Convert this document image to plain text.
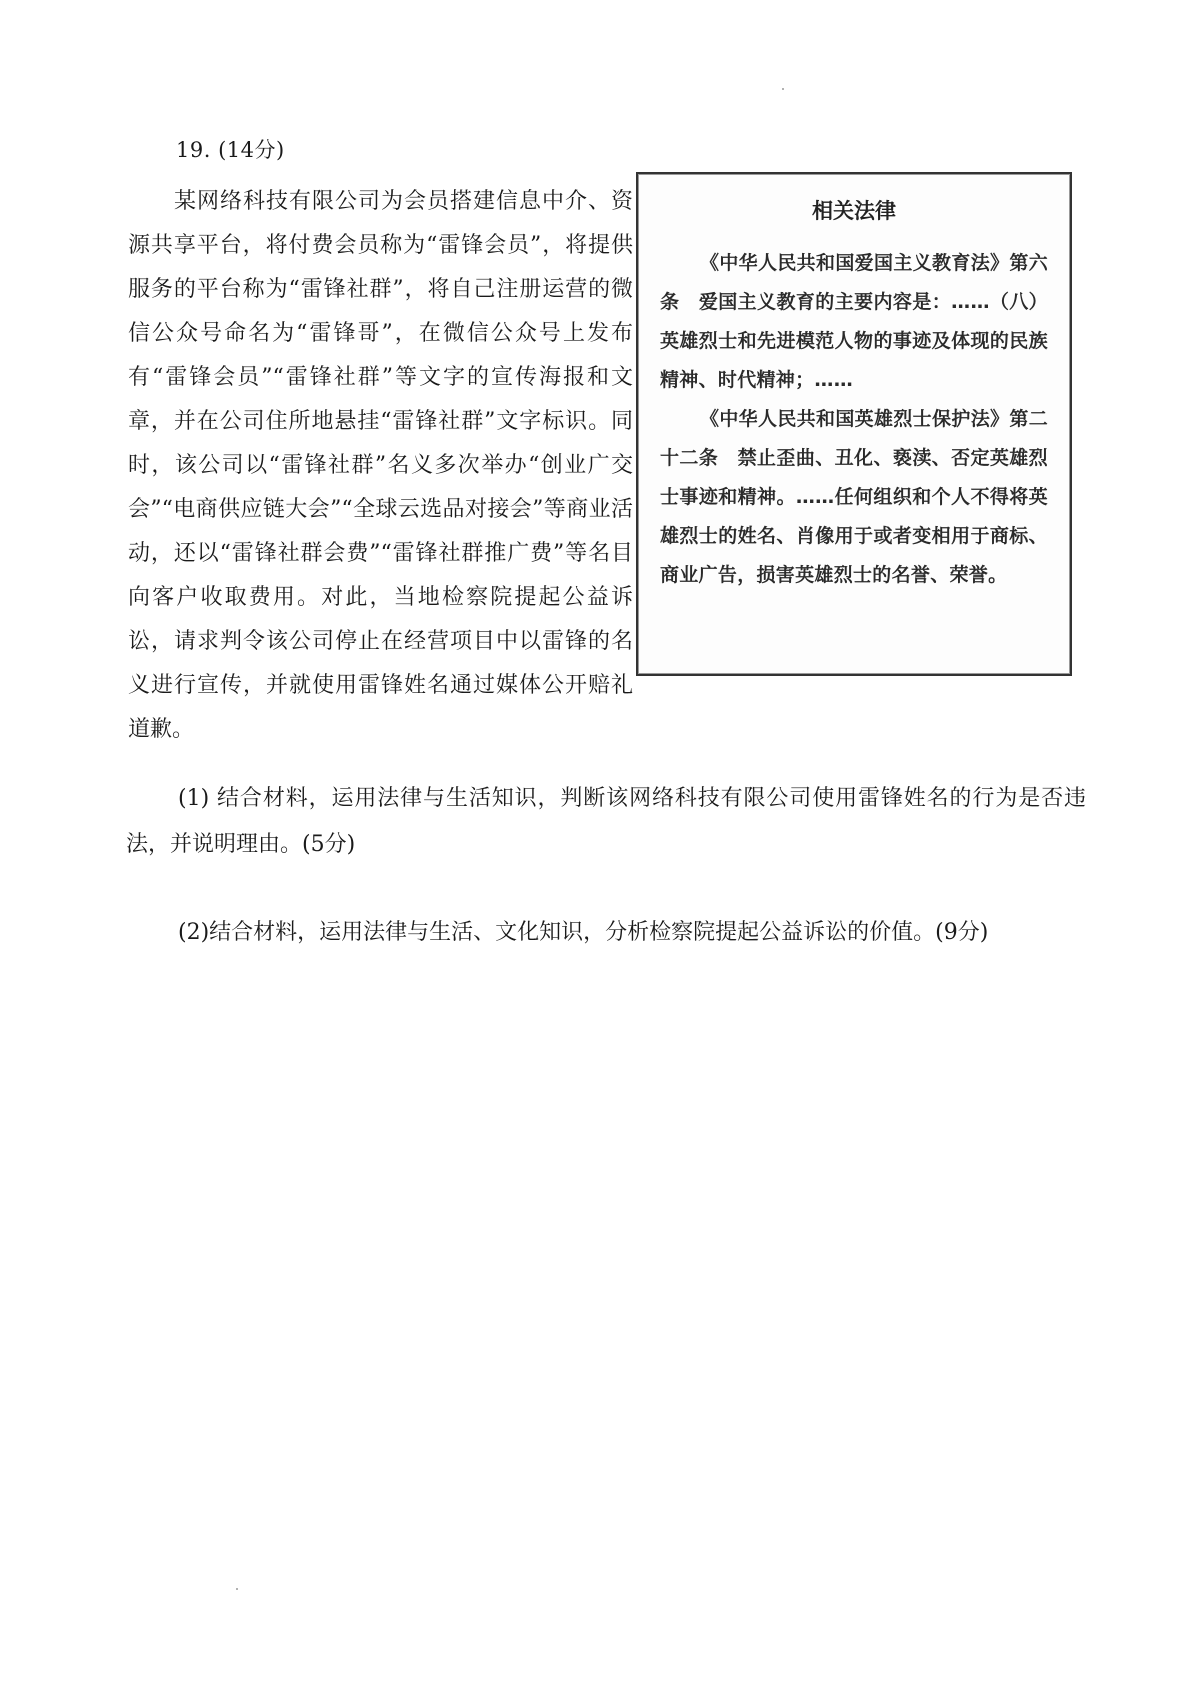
19. (14分)

某网络科技有限公司为会员搭建信息中介、资源共享平台，将付费会员称为“雷锋会员”，将提供服务的平台称为“雷锋社群”，将自己注册运营的微信公众号命名为“雷锋哥”，在微信公众号上发布有“雷锋会员”“雷锋社群”等文字的宣传海报和文章，并在公司住所地悬挂“雷锋社群”文字标识。同时，该公司以“雷锋社群”名义多次举办“创业广交会”“电商供应链大会”“全球云选品对接会”等商业活动，还以“雷锋社群会费”“雷锋社群推广费”等名目向客户收取费用。对此，当地检察院提起公益诉讼，请求判令该公司停止在经营项目中以雷锋的名义进行宣传，并就使用雷锋姓名通过媒体公开赔礼道歉。

相关法律

《中华人民共和国爱国主义教育法》第六条　爱国主义教育的主要内容是：……（八）英雄烈士和先进模范人物的事迹及体现的民族精神、时代精神；……

《中华人民共和国英雄烈士保护法》第二十二条　禁止歪曲、丑化、亵渎、否定英雄烈士事迹和精神。……任何组织和个人不得将英雄烈士的姓名、肖像用于或者变相用于商标、商业广告，损害英雄烈士的名誉、荣誉。

(1) 结合材料，运用法律与生活知识，判断该网络科技有限公司使用雷锋姓名的行为是否违法，并说明理由。(5分)

(2)结合材料，运用法律与生活、文化知识，分析检察院提起公益诉讼的价值。(9分)
